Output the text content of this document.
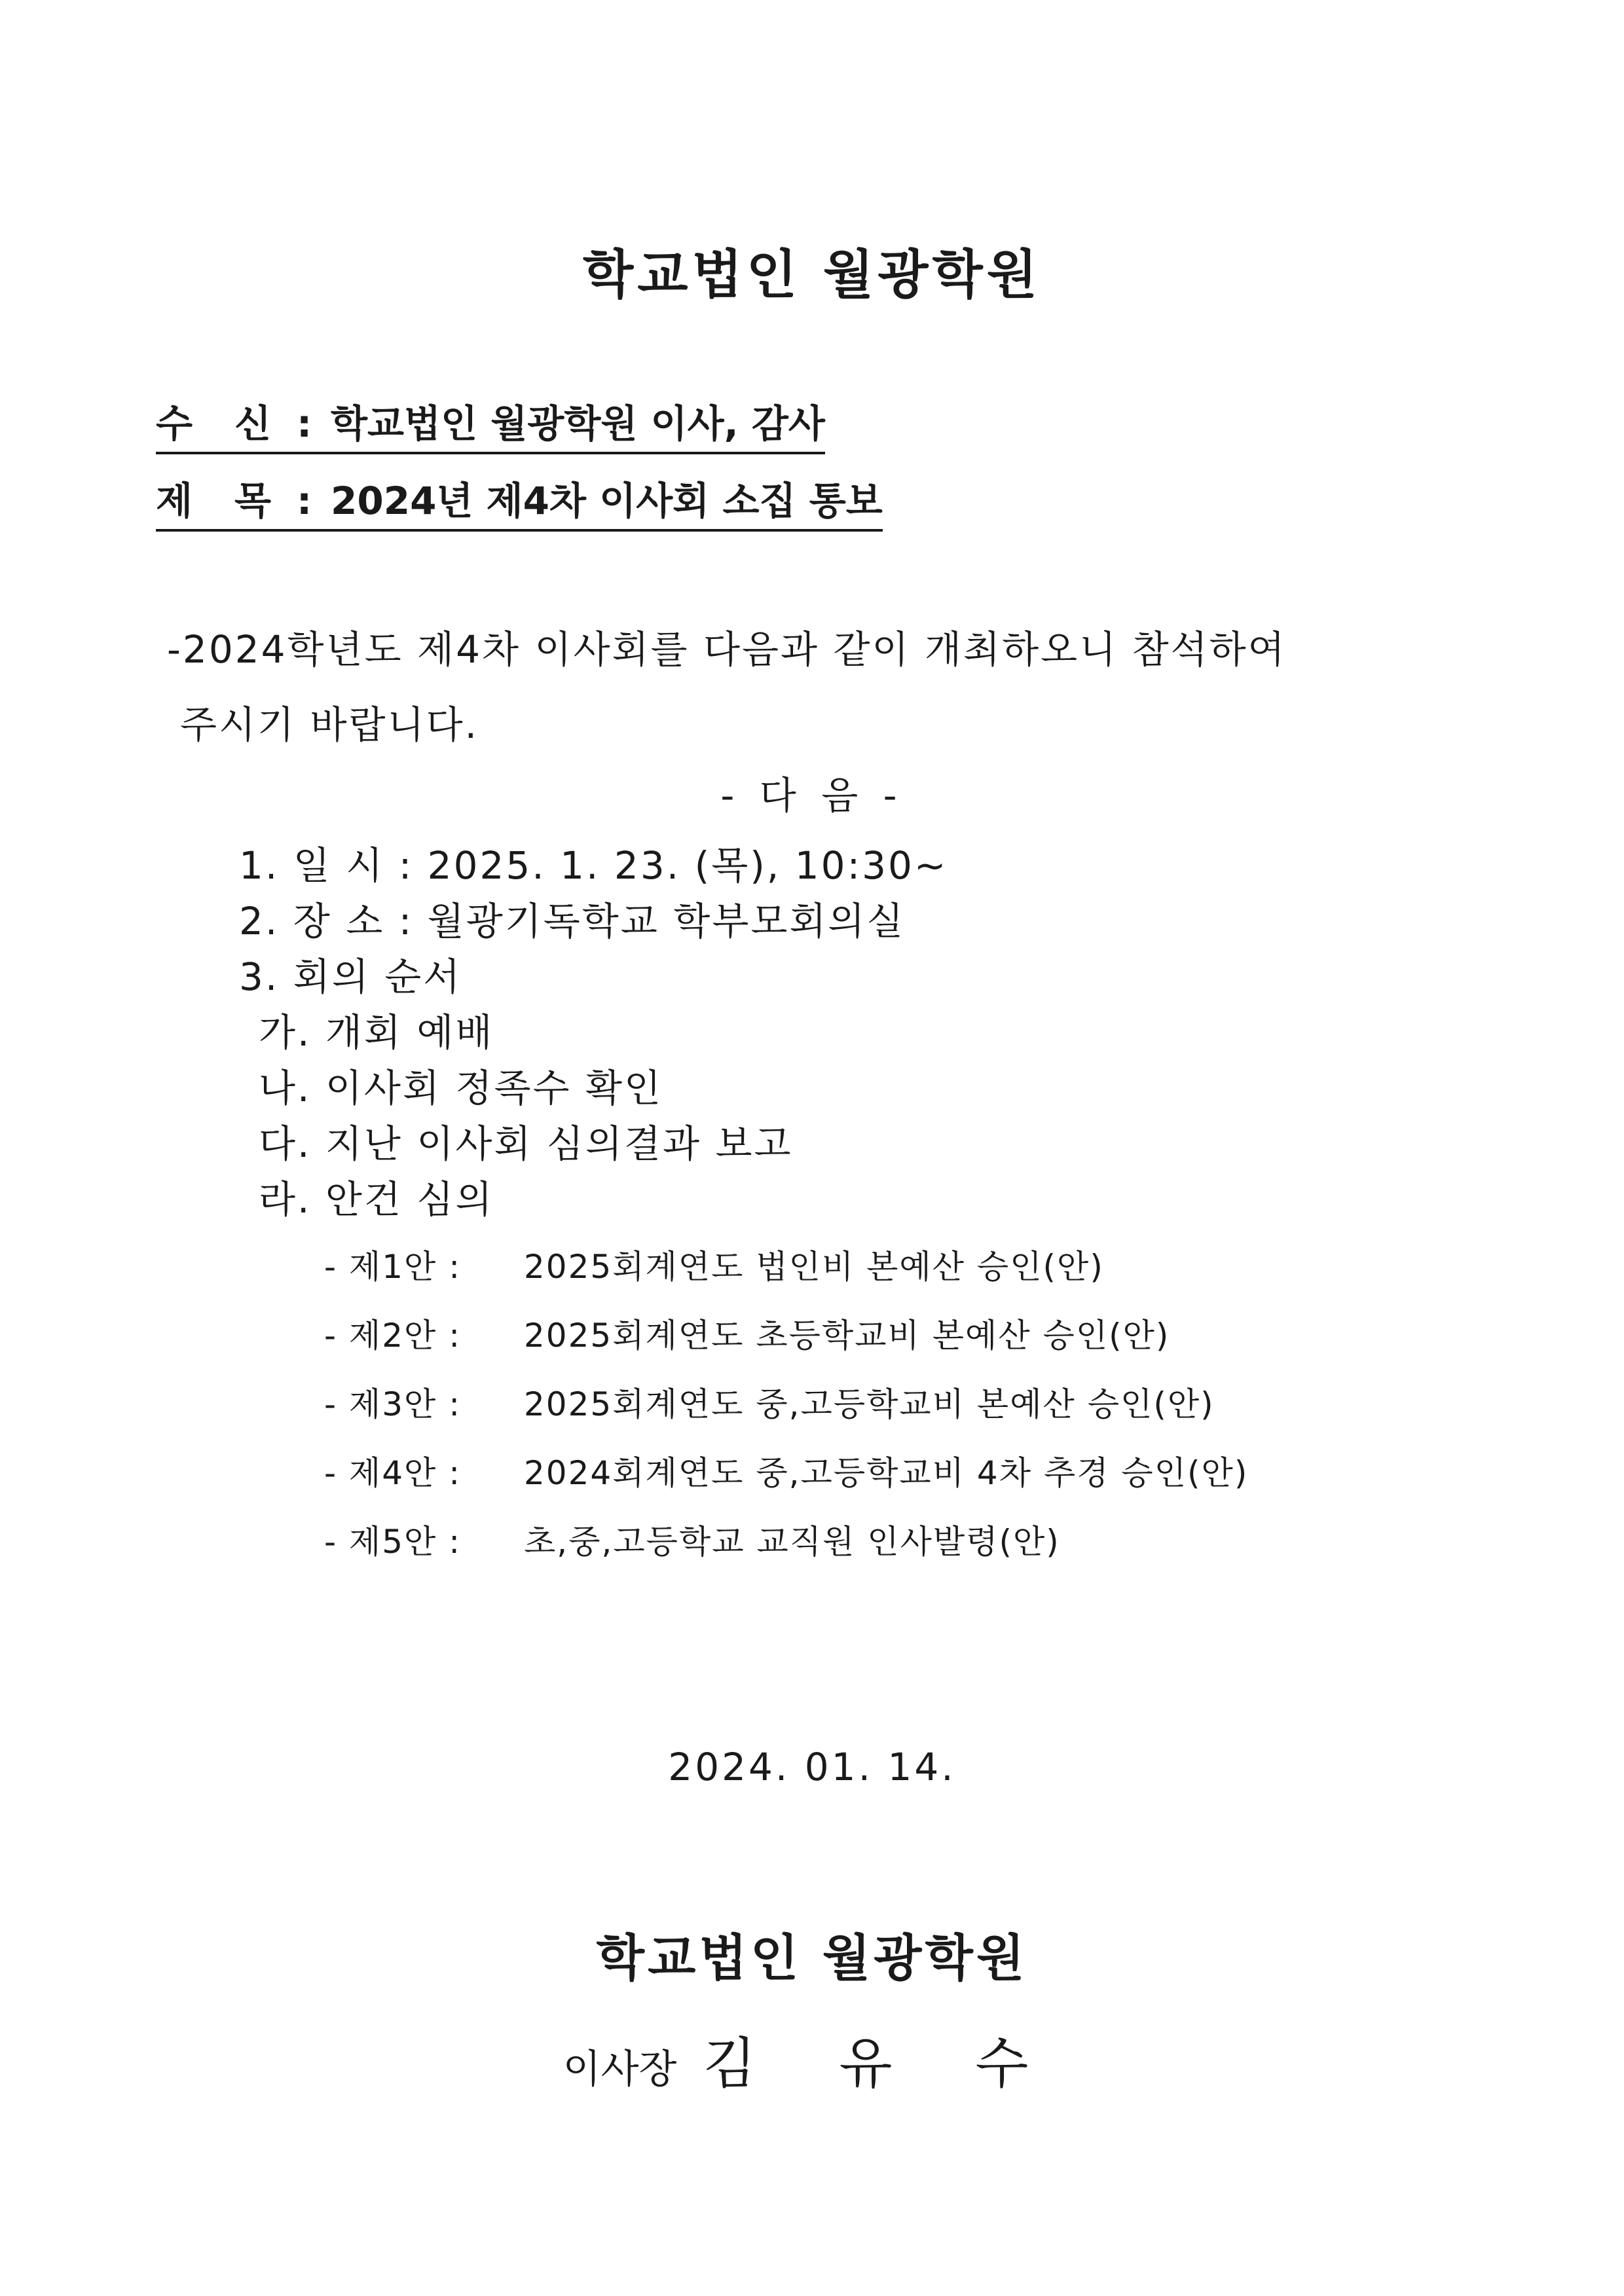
학교법인 월광학원
수 신 : 학교법인 월광학원 이사, 감사
제 목 : 2024년 제4차 이사회 소집 통보
-2024학년도 제4차 이사회를 다음과 같이 개최하오니 참석하여
주시기 바랍니다.
- 다 음 -
1. 일 시 : 2025. 1. 23. (목), 10:30~
2. 장 소 : 월광기독학교 학부모회의실
3. 회의 순서
가. 개회 예배
나. 이사회 정족수 확인
다. 지난 이사회 심의결과 보고
라. 안건 심의
- 제1안 : 2025회계연도 법인비 본예산 승인(안)
- 제2안 : 2025회계연도 초등학교비 본예산 승인(안)
- 제3안 : 2025회계연도 중,고등학교비 본예산 승인(안)
- 제4안 : 2024회계연도 중,고등학교비 4차 추경 승인(안)
- 제5안 : 초,중,고등학교 교직원 인사발령(안)
2024. 01. 14.
학교법인 월광학원
이사장 김 유 수
